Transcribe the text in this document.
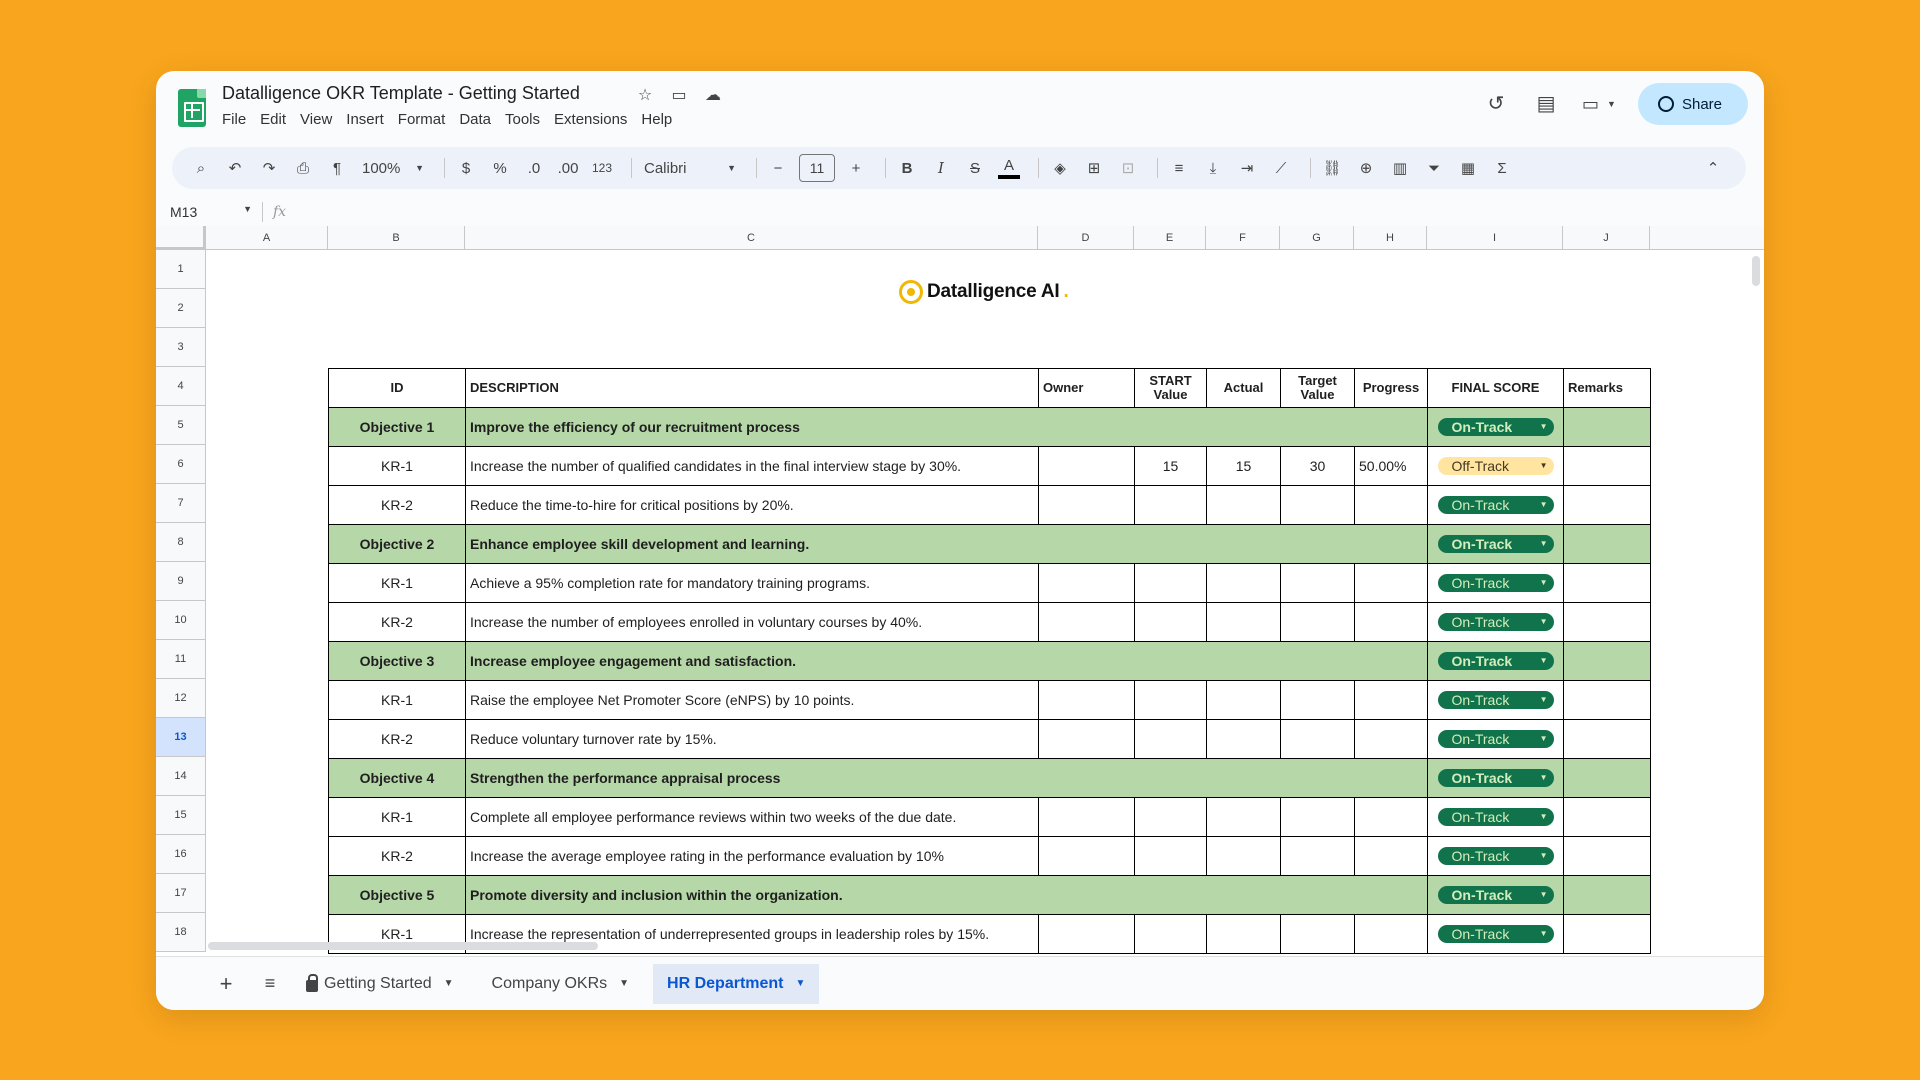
Datalligence OKR Template - Getting Started	☆ ▭ ☁
File Edit View Insert Format Data Tools Extensions Help
↺ ▤ ▭ ▼	Share
⌕	↶	↷	⎙	¶	100% ▼	$	%	.0	.00 123 Calibri	▼	−	11	+	B	I	S	A	◈	⊞	⊡	≡	⤓	⇥	⟋	⛓	⊕	▥	⏷	▦	Σ	⌃
M13	▼ fx
A	B	C	D	E	F	G	H	I	J
1
2
3
4
5
6
7
8
9
10
11
12
13
14
15
16
17
18
Datalligence AI .
ID	DESCRIPTION	Owner	START Value	Actual	Target Value	Progress	FINAL SCORE	Remarks
Objective 1	Improve the efficiency of our recruitment process						On-Track ▼	

KR-1	Increase the number of qualified candidates in the final interview stage by 30%.		15	15	30	50.00%	Off-Track ▼	

KR-2	Reduce the time-to-hire for critical positions by 20%.						On-Track ▼	

Objective 2	Enhance employee skill development and learning.						On-Track ▼	

KR-1	Achieve a 95% completion rate for mandatory training programs.						On-Track ▼	

KR-2	Increase the number of employees enrolled in voluntary courses by 40%.						On-Track ▼	

Objective 3	Increase employee engagement and satisfaction.						On-Track ▼	

KR-1	Raise the employee Net Promoter Score (eNPS) by 10 points.						On-Track ▼	

KR-2	Reduce voluntary turnover rate by 15%.						On-Track ▼	

Objective 4	Strengthen the performance appraisal process						On-Track ▼	

KR-1	Complete all employee performance reviews within two weeks of the due date.						On-Track ▼	

KR-2	Increase the average employee rating in the performance evaluation by 10%						On-Track ▼	

Objective 5	Promote diversity and inclusion within the organization.						On-Track ▼	

KR-1	Increase the representation of underrepresented groups in leadership roles by 15%.						On-Track ▼	

+	≡	Getting Started ▼ Company OKRs ▼ HR Department ▼
